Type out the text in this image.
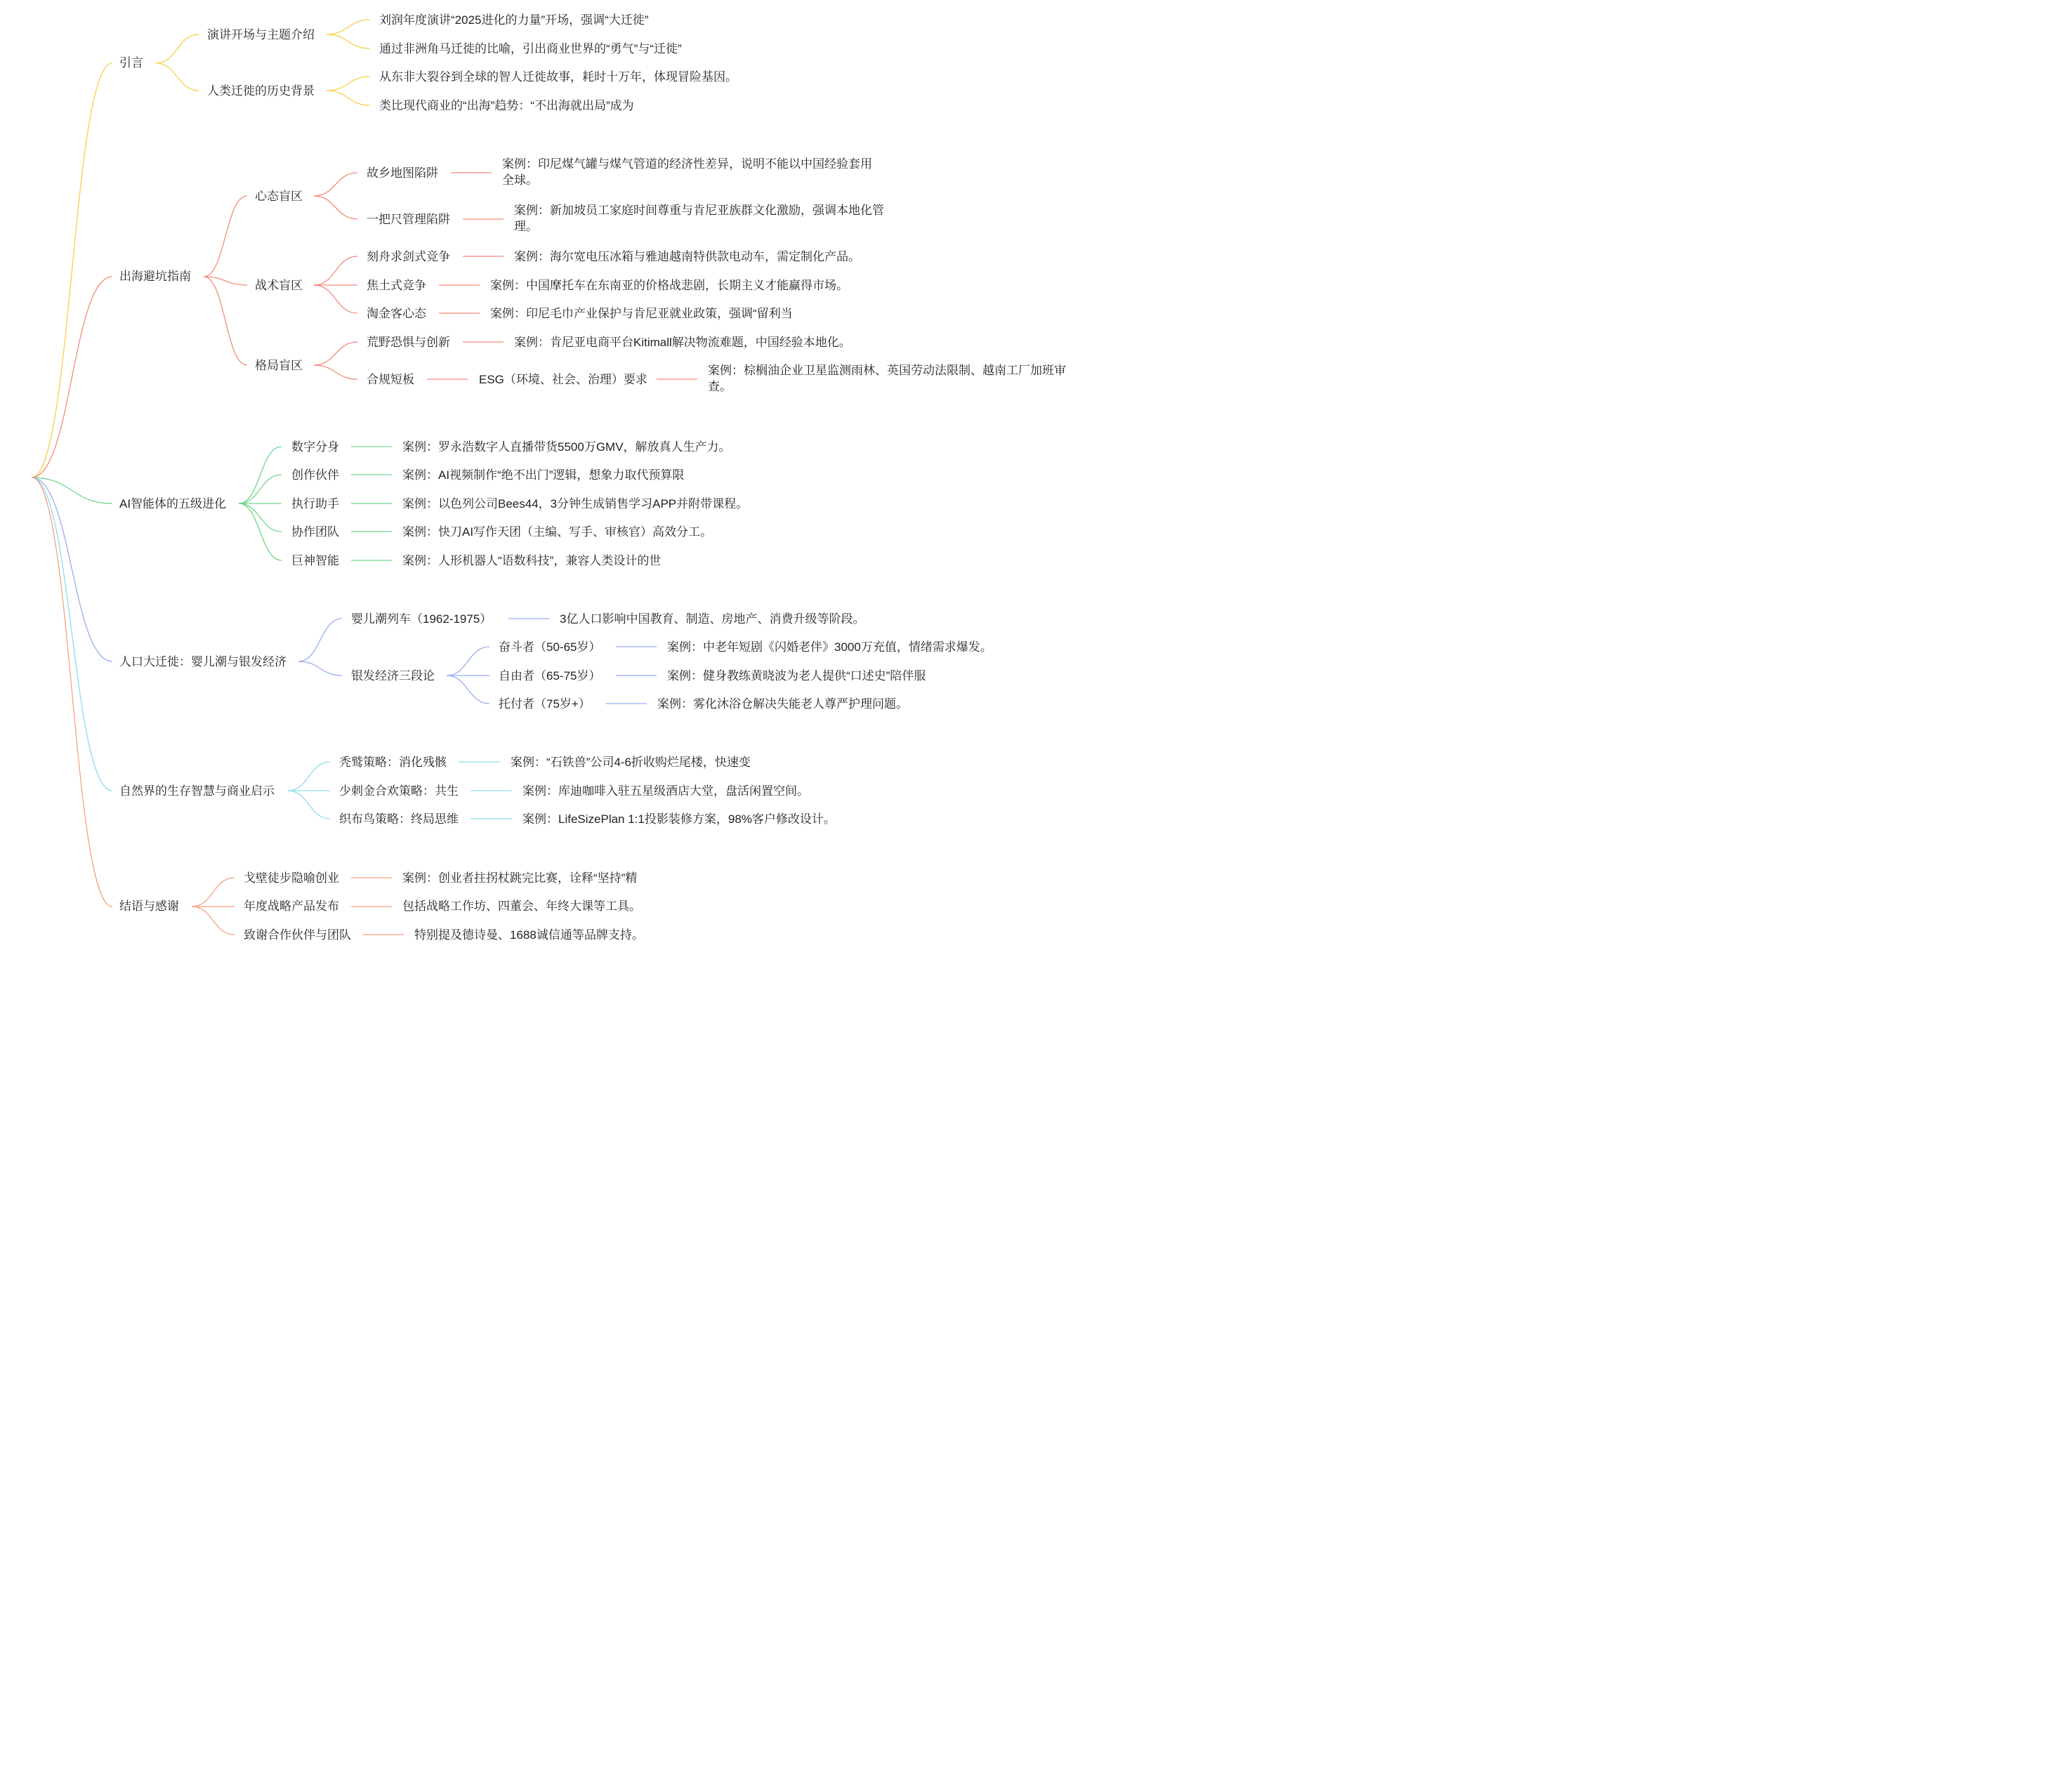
引言
演讲开场与主题介绍
刘润年度演讲“2025进化的力量”开场，强调“大迁徙”
通过非洲角马迁徙的比喻，引出商业世界的“勇气”与“迁徙”
人类迁徙的历史背景
从东非大裂谷到全球的智人迁徙故事，耗时十万年，体现冒险基因。
类比现代商业的“出海”趋势：“不出海就出局”成为
出海避坑指南
心态盲区
故乡地图陷阱
案例：印尼煤气罐与煤气管道的经济性差异，说明不能以中国经验套用全球。
一把尺管理陷阱
案例：新加坡员工家庭时间尊重与肯尼亚族群文化激励，强调本地化管理。
战术盲区
刻舟求剑式竞争	案例：海尔宽电压冰箱与雅迪越南特供款电动车，需定制化产品。
焦土式竞争	案例：中国摩托车在东南亚的价格战悲剧，长期主义才能赢得市场。
淘金客心态	案例：印尼毛巾产业保护与肯尼亚就业政策，强调“留利当
格局盲区
荒野恐惧与创新	案例：肯尼亚电商平台Kitimall解决物流难题，中国经验本地化。
合规短板	ESG（环境、社会、治理）要求
案例：棕榈油企业卫星监测雨林、英国劳动法限制、越南工厂加班审查。
AI智能体的五级进化
数字分身	案例：罗永浩数字人直播带货5500万GMV，解放真人生产力。
创作伙伴	案例：AI视频制作“绝不出门”逻辑，想象力取代预算限
执行助手	案例：以色列公司Bees44，3分钟生成销售学习APP并附带课程。
协作团队	案例：快刀AI写作天团（主编、写手、审核官）高效分工。
巨神智能	案例：人形机器人“语数科技”，兼容人类设计的世
人口大迁徙：婴儿潮与银发经济
婴儿潮列车（1962-1975）	3亿人口影响中国教育、制造、房地产、消费升级等阶段。
银发经济三段论
奋斗者（50-65岁）	案例：中老年短剧《闪婚老伴》3000万充值，情绪需求爆发。
自由者（65-75岁）	案例：健身教练黄晓波为老人提供“口述史”陪伴服
托付者（75岁+）	案例：雾化沐浴仓解决失能老人尊严护理问题。
自然界的生存智慧与商业启示
秃鹫策略：消化残骸	案例：“石铁兽”公司4-6折收购烂尾楼，快速变
少刺金合欢策略：共生	案例：库迪咖啡入驻五星级酒店大堂，盘活闲置空间。
织布鸟策略：终局思维	案例：LifeSizePlan 1:1投影装修方案，98%客户修改设计。
结语与感谢
戈壁徒步隐喻创业	案例：创业者拄拐杖跳完比赛，诠释“坚持”精
年度战略产品发布	包括战略工作坊、四董会、年终大课等工具。
致谢合作伙伴与团队	特别提及德诗曼、1688诚信通等品牌支持。
